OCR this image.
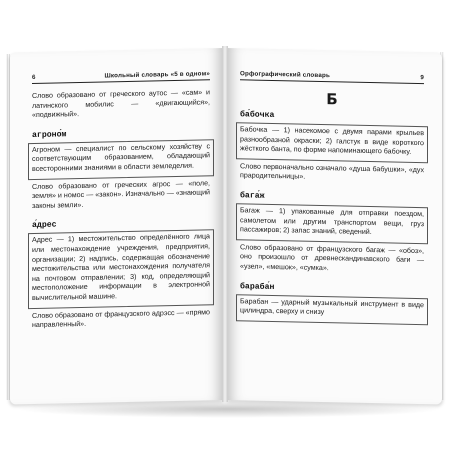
6	Школьный словарь «5 в одном»

Слово образовано от греческого аутос — «сам» и латинского мобилис — «двигающийся», «подвижный».

агроно́м

Агроном — специалист по сельскому хозяйству с соответствующим образованием, обладающий всесторонними знаниями в области земледелия.

Слово образовано от греческих агрос — «поле, земля» и номос — «закон». Изначально — «знающий законы земли».

а́дрес

Адрес — 1) местожительство определённого лица или местонахождение учреждения, предприятия, организации; 2) надпись, содержащая обозначение местожительства или местонахождения получателя на почтовом отправлении; 3) код, определяющий местоположение информации в электронной вычислительной машине.

Слово образовано от французского адрэсс — «прямо направленный».

Орфографический словарь	9
Б
ба́бочка

Бабочка — 1) насекомое с двумя парами крыльев разнообразной окраски; 2) галстук в виде короткого жёсткого банта, по форме напоминающего бабочку.

Слово первоначально означало «душа бабушки», «дух прародительницы».

бага́ж

Багаж — 1) упакованные для отправки поездом, самолетом или другим транспортом вещи, груз пассажиров; 2) запас знаний, сведений.

Слово образовано от французского багаж — «обоз», оно произошло от древнескандинавского баги — «узел», «мешок», «сумка».

бараба́н

Барабан — ударный музыкальный инструмент в виде цилиндра, сверху и снизу
